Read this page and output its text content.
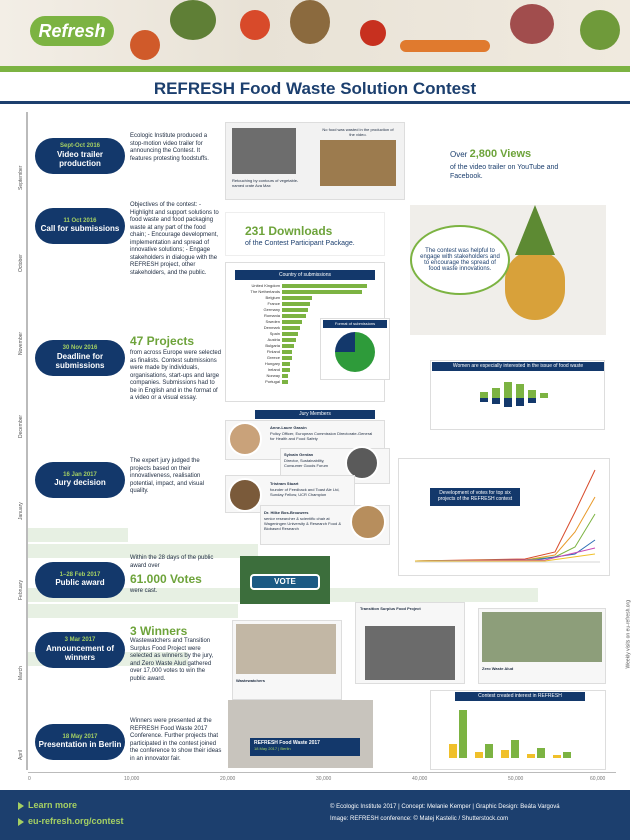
Refresh
REFRESH Food Waste Solution Contest
September
October
November
December
January
February
March
April
Sept-Oct 2016
Video trailer production
Ecologic Institute produced a stop-motion video trailer for announcing the Contest. It features protesting foodstuffs.
11 Oct 2016
Call for submissions
Objectives of the contest: - Highlight and support solutions to food waste and food packaging waste at any part of the food chain; - Encourage development, implementation and spread of innovative solutions; - Engage stakeholders in dialogue with the REFRESH project, other stakeholders, and the public.
30 Nov 2016
Deadline for submissions
47 Projects
from across Europe were selected as finalists. Contest submissions were made by individuals, organisations, start-ups and large companies. Submissions had to be in English and in the format of a video or a visual essay.
16 Jan 2017
Jury decision
The expert jury judged the projects based on their innovativeness, realisation potential, impact, and visual quality.
1–28 Feb 2017
Public award
Within the 28 days of the public award over
61.000 Votes
were cast.
3 Mar 2017
Announcement of winners
3 Winners
Wastewatchers and Transition Surplus Food Project were selected as winners by the jury, and Zero Waste Alud gathered over 17,000 votes to win the public award.
18 May 2017
Presentation in Berlin
Winners were presented at the REFRESH Food Waste 2017 Conference. Further projects that participated in the contest joined the conference to show their ideas in an innovator fair.
Retouching by contours of vegetable-named crate Ava Max
No food was wasted in the production of the video.
Over 2,800 Views
of the video trailer on YouTube and Facebook.
231 Downloads
of the Contest Participant Package.
The contest was helpful to engage with stakeholders and to encourage the spread of food waste innovations.
Country of submissions
United Kingdom
The Netherlands
Belgium
France
Germany
Romania
Sweden
Denmark
Spain
Austria
Bulgaria
Finland
Greece
Hungary
Ireland
Norway
Portugal
Format of submissions
Women are especially interested in the issue of food waste
Jury Members
Anne-Laure Gassin
Policy Officer, European Commission Directorate-General for Health and Food Safety
Sylvain Gerdan
Director, Sustainability, Consumer Goods Forum
Tristram Stuart
founder of Feedback and Toast Ale Ltd, Sunday Fellow, UCR Champion
Dr. Hilke Bos-Brouwers
senior researcher & scientific chair at Wageningen University & Research Food & Biobased Research
Development of votes for top six projects of the REFRESH contest
VOTE
Wastewatchers
Transition Surplus Food Project
Zero Waste Alud
REFRESH Food Waste 2017
18 May 2017 | Berlin
Contest created interest in REFRESH
0	10,000	20,000	30,000	40,000	50,000	60,000
Weekly visits on eu-refresh.org
Learn more
eu-refresh.org/contest
© Ecologic Institute 2017 | Concept: Melanie Kemper | Graphic Design: Beáta Vargová
Image: REFRESH conference: © Matej Kastelic / Shutterstock.com
